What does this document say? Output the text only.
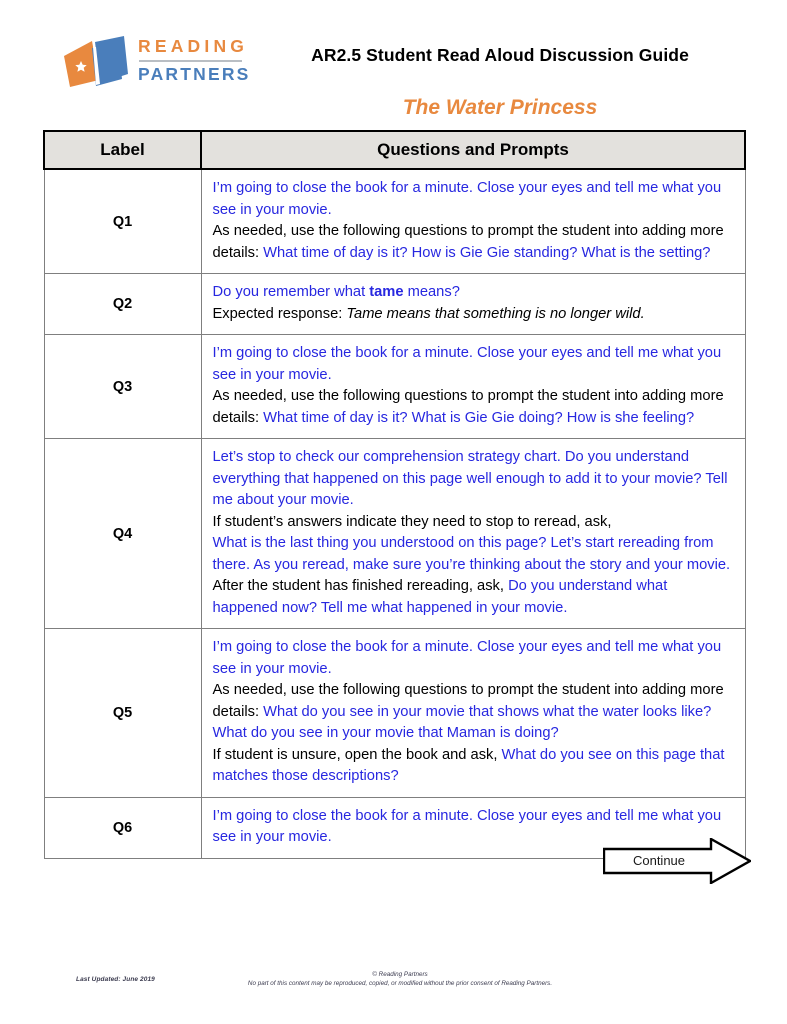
READING
PARTNERS
AR2.5 Student Read Aloud Discussion Guide
The Water Princess
Label	Questions and Prompts
Q1	I’m going to close the book for a minute. Close your eyes and tell me what you see in your movie.

As needed, use the following questions to prompt the student into adding more details: What time of day is it? How is Gie Gie standing? What is the setting?

Q2	Do you remember what tame means?

Expected response: Tame means that something is no longer wild.

Q3	I’m going to close the book for a minute. Close your eyes and tell me what you see in your movie.

As needed, use the following questions to prompt the student into adding more details: What time of day is it? What is Gie Gie doing? How is she feeling?

Q4	Let’s stop to check our comprehension strategy chart. Do you understand everything that happened on this page well enough to add it to your movie? Tell me about your movie.

If student’s answers indicate they need to stop to reread, ask,

What is the last thing you understood on this page? Let’s start rereading from there. As you reread, make sure you’re thinking about the story and your movie.

After the student has finished rereading, ask, Do you understand what happened now? Tell me what happened in your movie.

Q5	I’m going to close the book for a minute. Close your eyes and tell me what you see in your movie.

As needed, use the following questions to prompt the student into adding more details: What do you see in your movie that shows what the water looks like? What do you see in your movie that Maman is doing?

If student is unsure, open the book and ask, What do you see on this page that matches those descriptions?

Q6	I’m going to close the book for a minute. Close your eyes and tell me what you see in your movie.

Continue
Last Updated: June 2019
© Reading Partners
No part of this content may be reproduced, copied, or modified without the prior consent of Reading Partners.
